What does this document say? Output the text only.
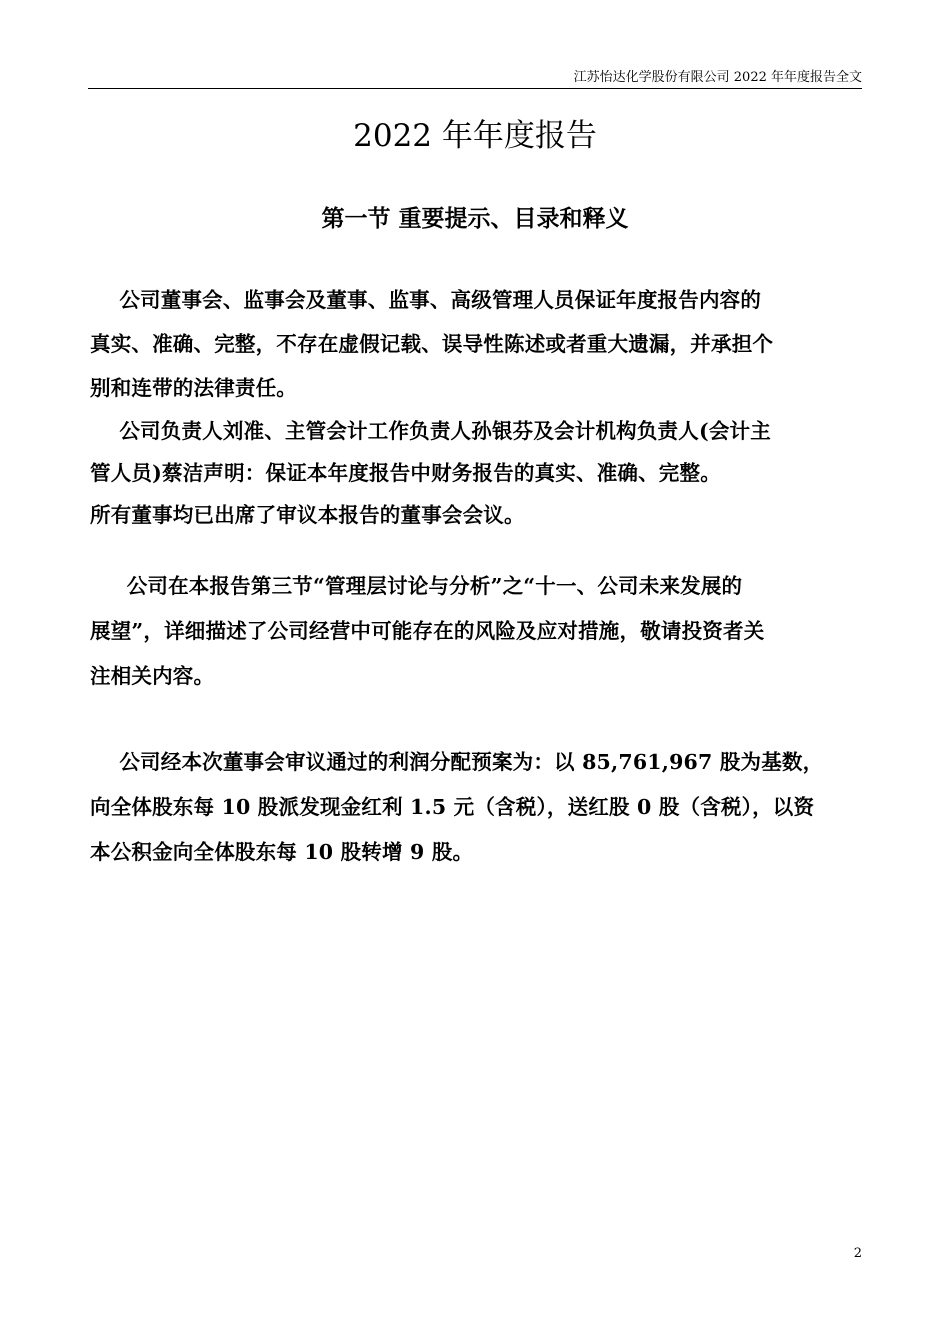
江苏怡达化学股份有限公司 2022 年年度报告全文
2022 年年度报告
第一节 重要提示、目录和释义

公司董事会、监事会及董事、监事、高级管理人员保证年度报告内容的
真实、准确、完整，不存在虚假记载、误导性陈述或者重大遗漏，并承担个
别和连带的法律责任。

公司负责人刘准、主管会计工作负责人孙银芬及会计机构负责人(会计主
管人员)蔡洁声明：保证本年度报告中财务报告的真实、准确、完整。
所有董事均已出席了审议本报告的董事会会议。

公司在本报告第三节“管理层讨论与分析”之“十一、公司未来发展的
展望”，详细描述了公司经营中可能存在的风险及应对措施，敬请投资者关
注相关内容。

公司经本次董事会审议通过的利润分配预案为：以 85,761,967 股为基数，
向全体股东每 10 股派发现金红利 1.5 元（含税），送红股 0 股（含税），以资
本公积金向全体股东每 10 股转增 9 股。

2
